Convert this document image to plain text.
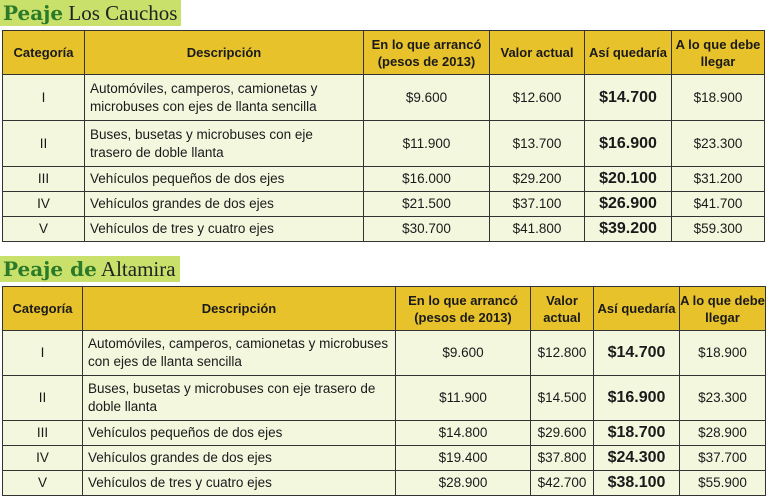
Peaje Los Cauchos
Categoría	Descripción	En lo que arrancó (pesos de 2013)	Valor actual	Así quedaría	A lo que debe llegar
I	Automóviles, camperos, camionetas y microbuses con ejes de llanta sencilla	$9.600	$12.600	$14.700	$18.900
II	Buses, busetas y microbuses con eje trasero de doble llanta	$11.900	$13.700	$16.900	$23.300
III	Vehículos pequeños de dos ejes	$16.000	$29.200	$20.100	$31.200
IV	Vehículos grandes de dos ejes	$21.500	$37.100	$26.900	$41.700
V	Vehículos de tres y cuatro ejes	$30.700	$41.800	$39.200	$59.300
Peaje de Altamira
Categoría	Descripción	En lo que arrancó (pesos de 2013)	Valor actual	Así quedaría	A lo que debe llegar
I	Automóviles, camperos, camionetas y microbuses con ejes de llanta sencilla	$9.600	$12.800	$14.700	$18.900
II	Buses, busetas y microbuses con eje trasero de doble llanta	$11.900	$14.500	$16.900	$23.300
III	Vehículos pequeños de dos ejes	$14.800	$29.600	$18.700	$28.900
IV	Vehículos grandes de dos ejes	$19.400	$37.800	$24.300	$37.700
V	Vehículos de tres y cuatro ejes	$28.900	$42.700	$38.100	$55.900
